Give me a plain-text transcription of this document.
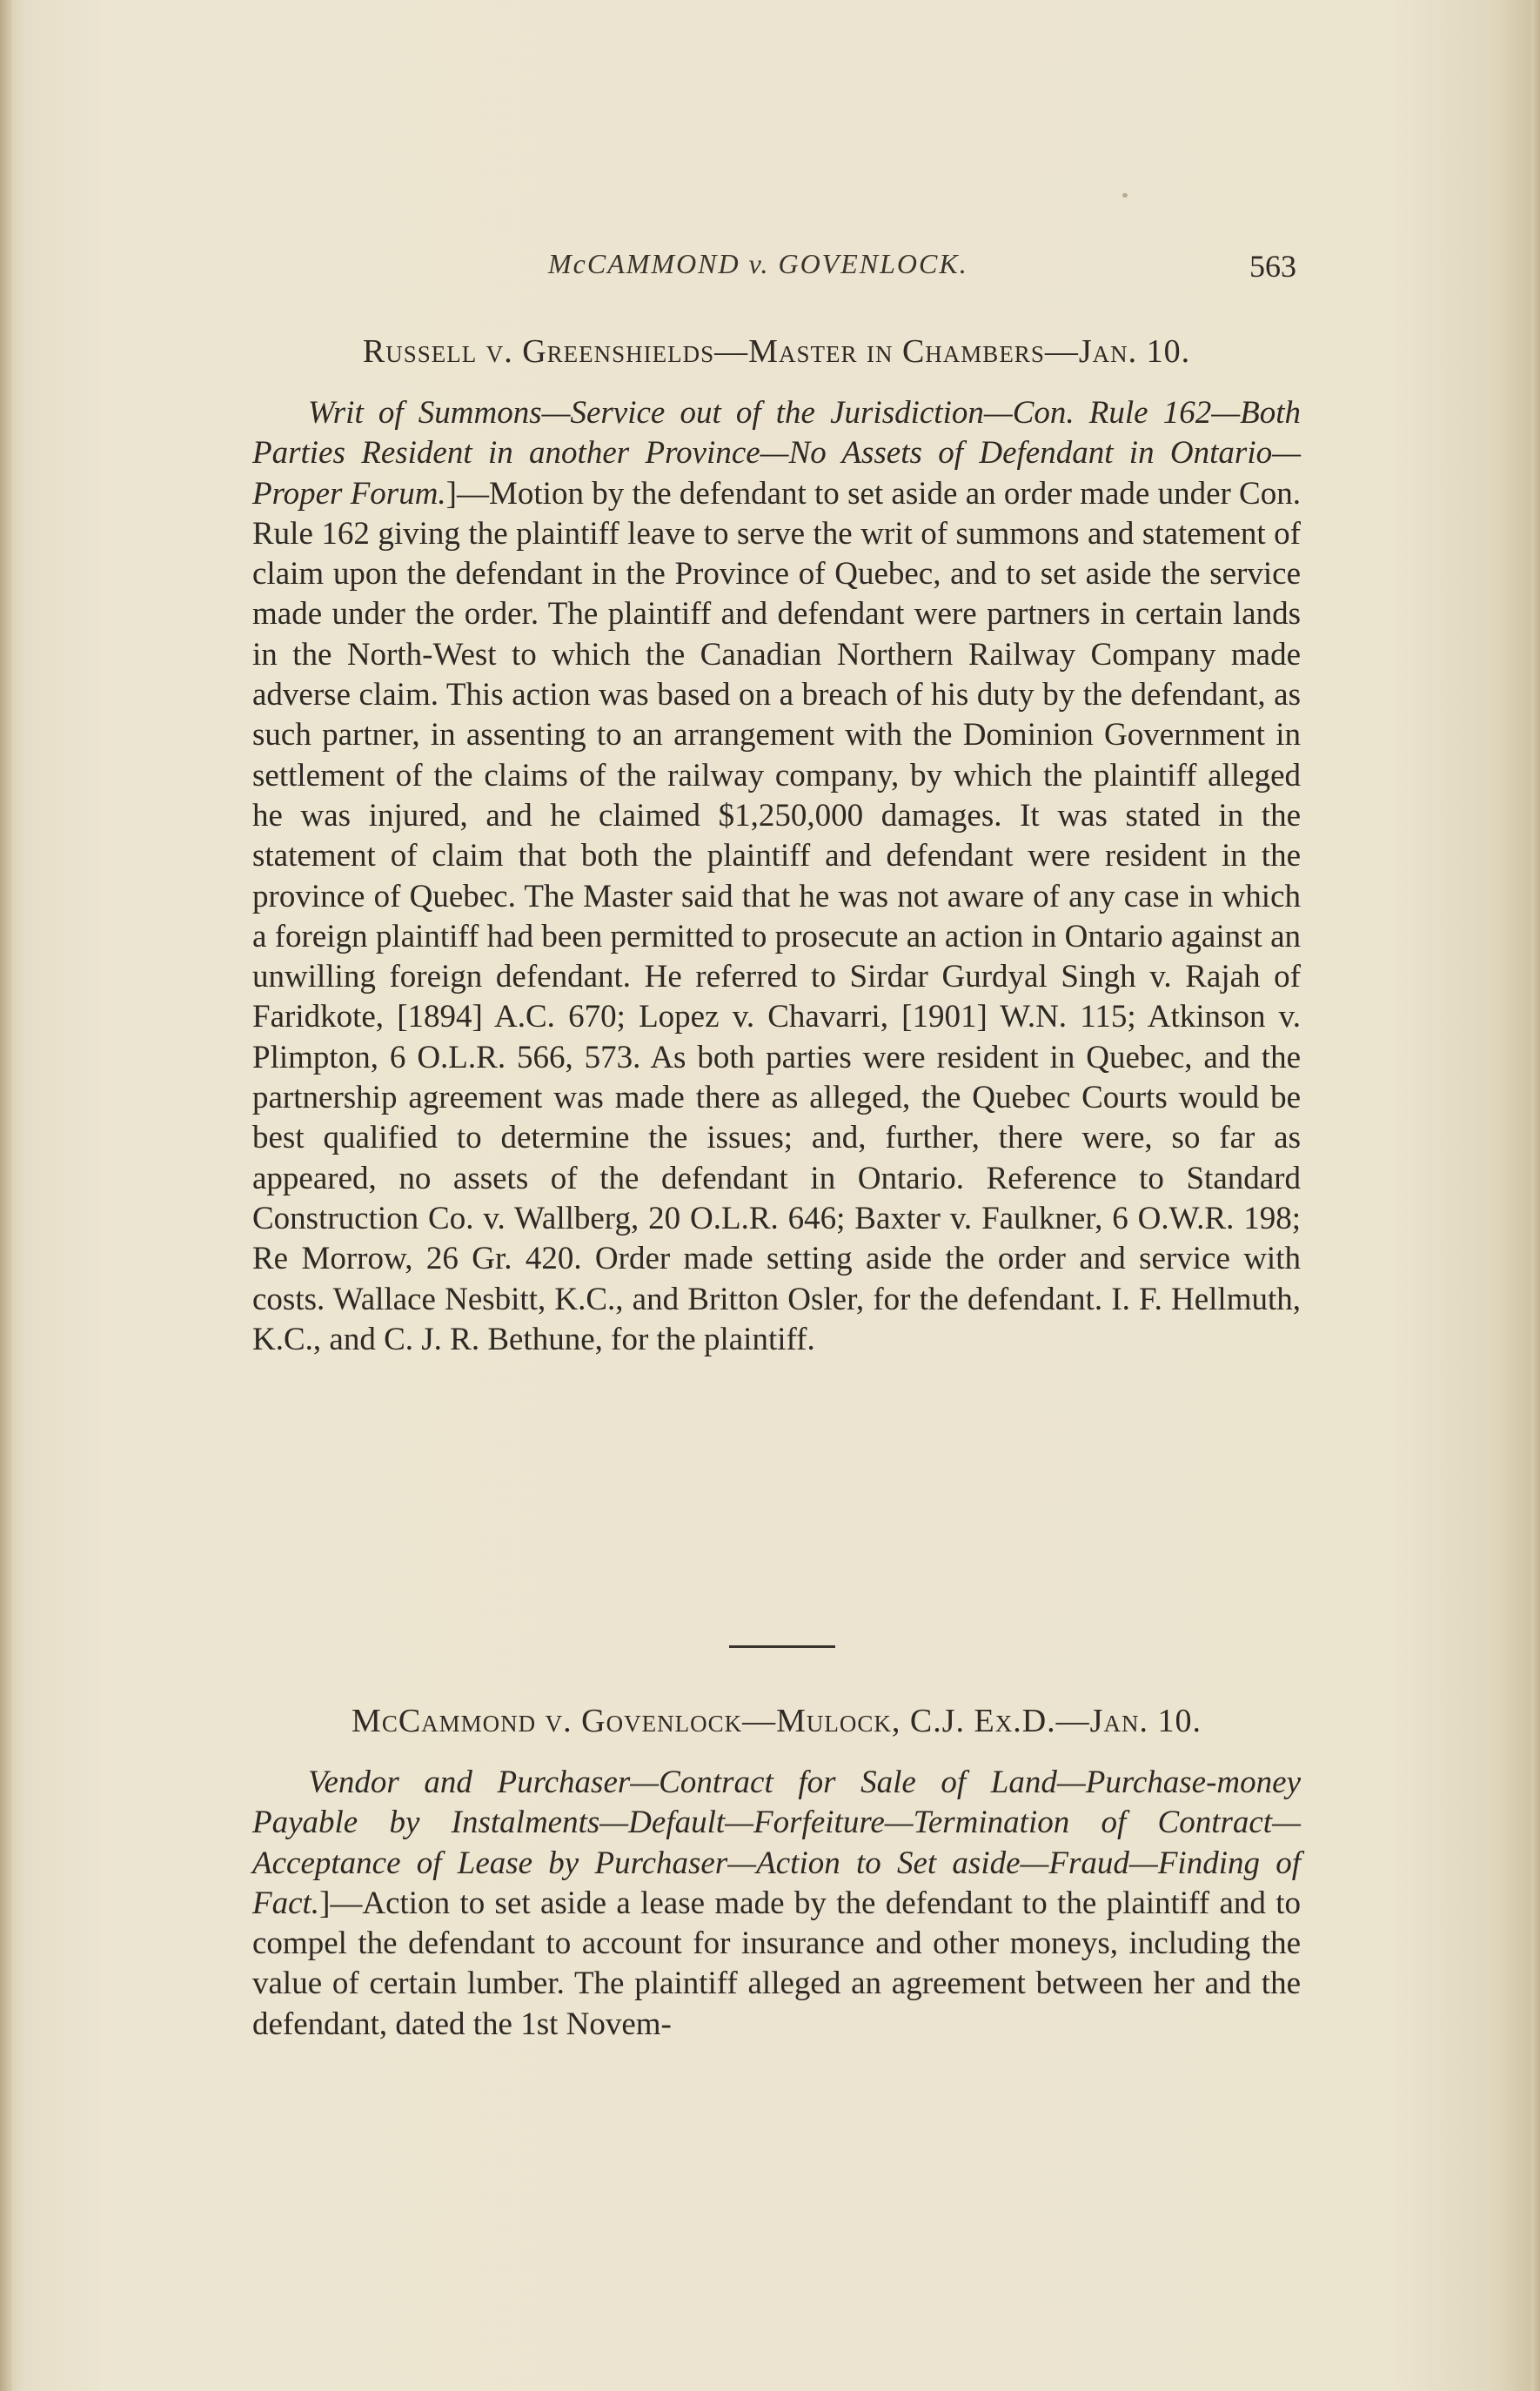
McCAMMOND v. GOVENLOCK.	563
Russell v. Greenshields—Master in Chambers—Jan. 10.
Writ of Summons—Service out of the Jurisdiction—Con. Rule 162—Both Parties Resident in another Province—No Assets of Defendant in Ontario—Proper Forum.]—Motion by the defendant to set aside an order made under Con. Rule 162 giving the plaintiff leave to serve the writ of summons and statement of claim upon the defendant in the Province of Quebec, and to set aside the service made under the order. The plaintiff and defendant were partners in certain lands in the North-West to which the Canadian Northern Railway Company made adverse claim. This action was based on a breach of his duty by the defendant, as such partner, in assenting to an arrangement with the Dominion Government in settlement of the claims of the railway company, by which the plaintiff alleged he was injured, and he claimed $1,250,000 damages. It was stated in the statement of claim that both the plaintiff and defendant were resident in the province of Quebec. The Master said that he was not aware of any case in which a foreign plaintiff had been permitted to prosecute an action in Ontario against an unwilling foreign defendant. He referred to Sirdar Gurdyal Singh v. Rajah of Faridkote, [1894] A.C. 670; Lopez v. Chavarri, [1901] W.N. 115; Atkinson v. Plimpton, 6 O.L.R. 566, 573. As both parties were resident in Quebec, and the partnership agreement was made there as alleged, the Quebec Courts would be best qualified to determine the issues; and, further, there were, so far as appeared, no assets of the defendant in Ontario. Reference to Standard Construction Co. v. Wallberg, 20 O.L.R. 646; Baxter v. Faulkner, 6 O.W.R. 198; Re Morrow, 26 Gr. 420. Order made setting aside the order and service with costs. Wallace Nesbitt, K.C., and Britton Osler, for the defendant. I. F. Hellmuth, K.C., and C. J. R. Bethune, for the plaintiff.
McCammond v. Govenlock—Mulock, C.J. Ex.D.—Jan. 10.
Vendor and Purchaser—Contract for Sale of Land—Purchase-money Payable by Instalments—Default—Forfeiture—Termination of Contract—Acceptance of Lease by Purchaser—Action to Set aside—Fraud—Finding of Fact.]—Action to set aside a lease made by the defendant to the plaintiff and to compel the defendant to account for insurance and other moneys, including the value of certain lumber. The plaintiff alleged an agreement between her and the defendant, dated the 1st Novem-
